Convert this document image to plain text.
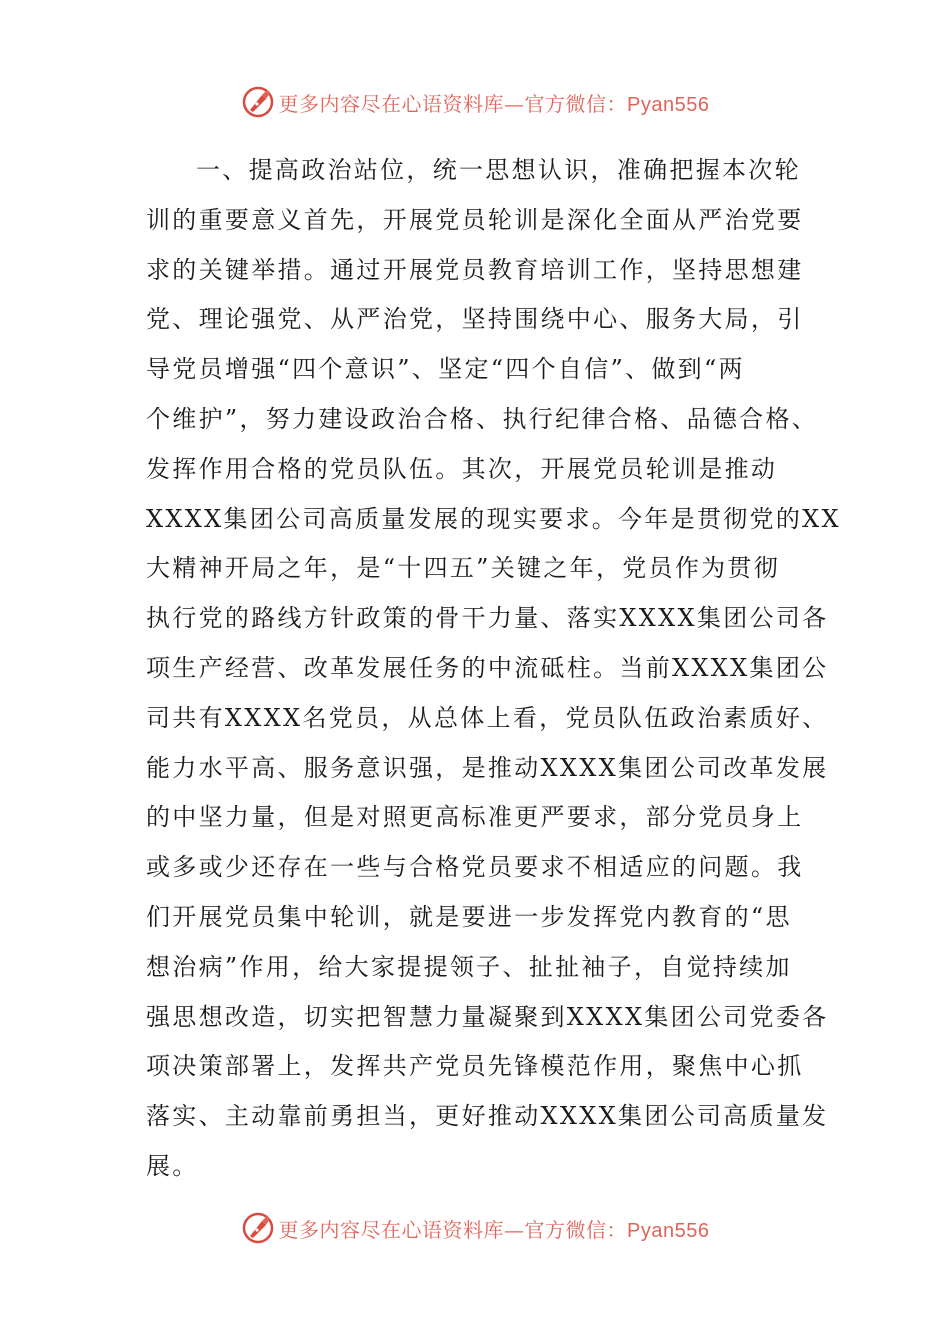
更多内容尽在心语资料库—官方微信：Pyan556
一、提高政治站位，统一思想认识，准确把握本次轮
训的重要意义首先，开展党员轮训是深化全面从严治党要
求的关键举措。通过开展党员教育培训工作，坚持思想建
党、理论强党、从严治党，坚持围绕中心、服务大局，引
导党员增强“四个意识”、坚定“四个自信”、做到“两
个维护”，努力建设政治合格、执行纪律合格、品德合格、
发挥作用合格的党员队伍。其次，开展党员轮训是推动
XXXX集团公司高质量发展的现实要求。今年是贯彻党的XX
大精神开局之年，是“十四五”关键之年，党员作为贯彻
执行党的路线方针政策的骨干力量、落实XXXX集团公司各
项生产经营、改革发展任务的中流砥柱。当前XXXX集团公
司共有XXXX名党员，从总体上看，党员队伍政治素质好、
能力水平高、服务意识强，是推动XXXX集团公司改革发展
的中坚力量，但是对照更高标准更严要求，部分党员身上
或多或少还存在一些与合格党员要求不相适应的问题。我
们开展党员集中轮训，就是要进一步发挥党内教育的“思
想治病”作用，给大家提提领子、扯扯袖子，自觉持续加
强思想改造，切实把智慧力量凝聚到XXXX集团公司党委各
项决策部署上，发挥共产党员先锋模范作用，聚焦中心抓
落实、主动靠前勇担当，更好推动XXXX集团公司高质量发
展。
更多内容尽在心语资料库—官方微信：Pyan556
